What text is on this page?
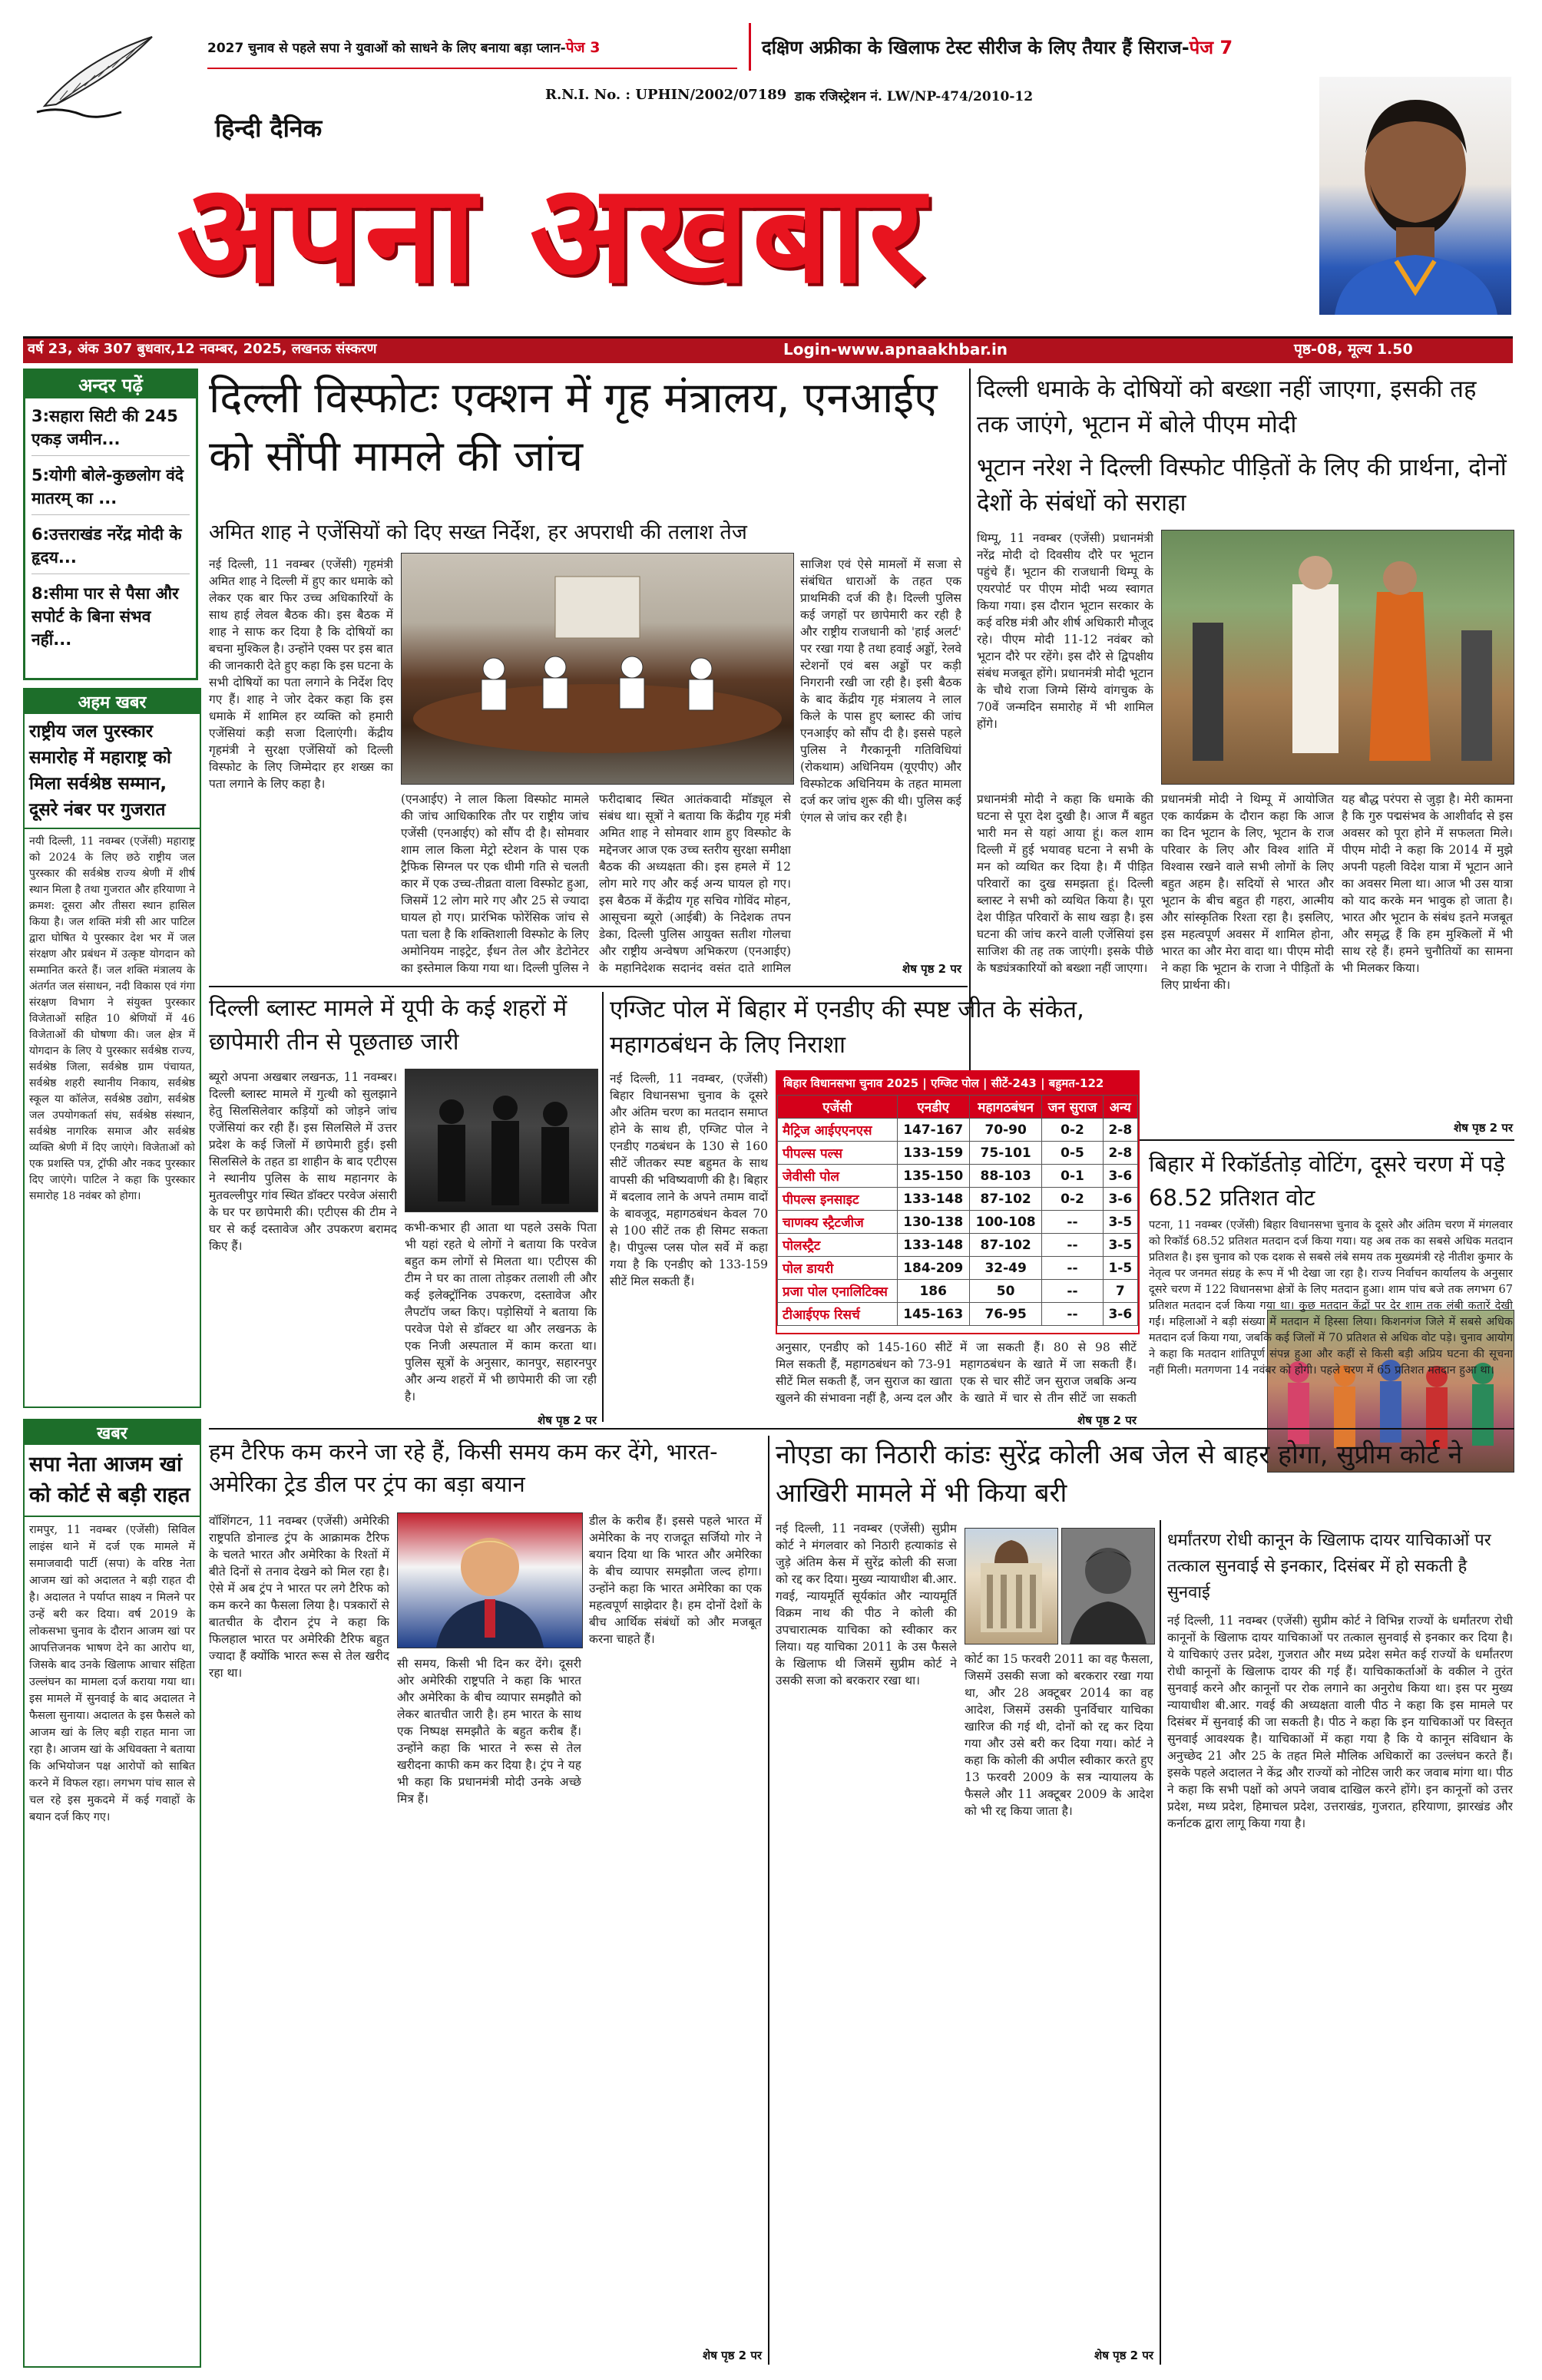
2027 चुनाव से पहले सपा ने युवाओं को साधने के लिए बनाया बड़ा प्लान-पेज 3	दक्षिण अफ्रीका के खिलाफ टेस्ट सीरीज के लिए तैयार हैं सिराज-पेज 7
R.N.I. No. : UPHIN/2002/07189 डाक रजिस्ट्रेशन नं. LW/NP-474/2010-12
हिन्दी दैनिक
अपना अखबार
वर्ष 23, अंक 307 बुधवार,12 नवम्बर, 2025, लखनऊ संस्करण	Login-www.apnaakhbar.in	पृष्ठ-08, मूल्य 1.50
अन्दर पढ़ें
3:सहारा सिटी की 245 एकड़ जमीन...
5:योगी बोले-कुछलोग वंदे मातरम् का ...
6:उत्तराखंड नरेंद्र मोदी के हृदय...
8:सीमा पार से पैसा और सपोर्ट के बिना संभव नहीं...
अहम खबर
राष्ट्रीय जल पुरस्कार समारोह में महाराष्ट्र को मिला सर्वश्रेष्ठ सम्मान, दूसरे नंबर पर गुजरात
नयी दिल्ली, 11 नवम्बर (एजेंसी) महाराष्ट्र को 2024 के लिए छठे राष्ट्रीय जल पुरस्कार की सर्वश्रेष्ठ राज्य श्रेणी में शीर्ष स्थान मिला है तथा गुजरात और हरियाणा ने क्रमश: दूसरा और तीसरा स्थान हासिल किया है। जल शक्ति मंत्री सी आर पाटिल द्वारा घोषित ये पुरस्कार देश भर में जल संरक्षण और प्रबंधन में उत्कृष्ट योगदान को सम्मानित करते हैं। जल शक्ति मंत्रालय के अंतर्गत जल संसाधन, नदी विकास एवं गंगा संरक्षण विभाग ने संयुक्त पुरस्कार विजेताओं सहित 10 श्रेणियों में 46 विजेताओं की घोषणा की। जल क्षेत्र में योगदान के लिए ये पुरस्कार सर्वश्रेष्ठ राज्य, सर्वश्रेष्ठ जिला, सर्वश्रेष्ठ ग्राम पंचायत, सर्वश्रेष्ठ शहरी स्थानीय निकाय, सर्वश्रेष्ठ स्कूल या कॉलेज, सर्वश्रेष्ठ उद्योग, सर्वश्रेष्ठ जल उपयोगकर्ता संघ, सर्वश्रेष्ठ संस्थान, सर्वश्रेष्ठ नागरिक समाज और सर्वश्रेष्ठ व्यक्ति श्रेणी में दिए जाएंगे। विजेताओं को एक प्रशस्ति पत्र, ट्रॉफी और नकद पुरस्कार दिए जाएंगे। पाटिल ने कहा कि पुरस्कार समारोह 18 नवंबर को होगा।
खबर
सपा नेता आजम खां को कोर्ट से बड़ी राहत
रामपुर, 11 नवम्बर (एजेंसी) सिविल लाइंस थाने में दर्ज एक मामले में समाजवादी पार्टी (सपा) के वरिष्ठ नेता आजम खां को अदालत ने बड़ी राहत दी है। अदालत ने पर्याप्त साक्ष्य न मिलने पर उन्हें बरी कर दिया। वर्ष 2019 के लोकसभा चुनाव के दौरान आजम खां पर आपत्तिजनक भाषण देने का आरोप था, जिसके बाद उनके खिलाफ आचार संहिता उल्लंघन का मामला दर्ज कराया गया था। इस मामले में सुनवाई के बाद अदालत ने फैसला सुनाया। अदालत के इस फैसले को आजम खां के लिए बड़ी राहत माना जा रहा है। आजम खां के अधिवक्ता ने बताया कि अभियोजन पक्ष आरोपों को साबित करने में विफल रहा। लगभग पांच साल से चल रहे इस मुकदमे में कई गवाहों के बयान दर्ज किए गए।
दिल्ली विस्फोटः एक्शन में गृह मंत्रालय, एनआईए को सौंपी मामले की जांच
अमित शाह ने एजेंसियों को दिए सख्त निर्देश, हर अपराधी की तलाश तेज
नई दिल्ली, 11 नवम्बर (एजेंसी) गृहमंत्री अमित शाह ने दिल्ली में हुए कार धमाके को लेकर एक बार फिर उच्च अधिकारियों के साथ हाई लेवल बैठक की। इस बैठक में शाह ने साफ कर दिया है कि दोषियों का बचना मुश्किल है। उन्होंने एक्स पर इस बात की जानकारी देते हुए कहा कि इस घटना के सभी दोषियों का पता लगाने के निर्देश दिए गए हैं। शाह ने जोर देकर कहा कि इस धमाके में शामिल हर व्यक्ति को हमारी एजेंसियां कड़ी सजा दिलाएंगी। केंद्रीय गृहमंत्री ने सुरक्षा एजेंसियों को दिल्ली विस्फोट के लिए जिम्मेदार हर शख्स का पता लगाने के लिए कहा है।
(एनआईए) ने लाल किला विस्फोट मामले की जांच आधिकारिक तौर पर राष्ट्रीय जांच एजेंसी (एनआईए) को सौंप दी है। सोमवार शाम लाल किला मेट्रो स्टेशन के पास एक ट्रैफिक सिग्नल पर एक धीमी गति से चलती कार में एक उच्च-तीव्रता वाला विस्फोट हुआ, जिसमें 12 लोग मारे गए और 25 से ज्यादा घायल हो गए। प्रारंभिक फोरेंसिक जांच से पता चला है कि शक्तिशाली विस्फोट के लिए अमोनियम नाइट्रेट, ईंधन तेल और डेटोनेटर का इस्तेमाल किया गया था। दिल्ली पुलिस ने
फरीदाबाद स्थित आतंकवादी मॉड्यूल से संबंध था। सूत्रों ने बताया कि केंद्रीय गृह मंत्री अमित शाह ने सोमवार शाम हुए विस्फोट के मद्देनजर आज एक उच्च स्तरीय सुरक्षा समीक्षा बैठक की अध्यक्षता की। इस हमले में 12 लोग मारे गए और कई अन्य घायल हो गए। इस बैठक में केंद्रीय गृह सचिव गोविंद मोहन, आसूचना ब्यूरो (आईबी) के निदेशक तपन डेका, दिल्ली पुलिस आयुक्त सतीश गोलचा और राष्ट्रीय अन्वेषण अभिकरण (एनआईए) के महानिदेशक सदानंद वसंत दाते शामिल
साजिश एवं ऐसे मामलों में सजा से संबंधित धाराओं के तहत एक प्राथमिकी दर्ज की है। दिल्ली पुलिस कई जगहों पर छापेमारी कर रही है और राष्ट्रीय राजधानी को 'हाई अलर्ट' पर रखा गया है तथा हवाई अड्डों, रेलवे स्टेशनों एवं बस अड्डों पर कड़ी निगरानी रखी जा रही है। इसी बैठक के बाद केंद्रीय गृह मंत्रालय ने लाल किले के पास हुए ब्लास्ट की जांच एनआईए को सौंप दी है। इससे पहले पुलिस ने गैरकानूनी गतिविधियां (रोकथाम) अधिनियम (यूएपीए) और विस्फोटक अधिनियम के तहत मामला दर्ज कर जांच शुरू की थी। पुलिस कई एंगल से जांच कर रही है।
शेष पृष्ठ 2 पर
दिल्ली धमाके के दोषियों को बख्शा नहीं जाएगा, इसकी तह तक जाएंगे, भूटान में बोले पीएम मोदी
भूटान नरेश ने दिल्ली विस्फोट पीड़ितों के लिए की प्रार्थना, दोनों देशों के संबंधों को सराहा
थिम्पू, 11 नवम्बर (एजेंसी) प्रधानमंत्री नरेंद्र मोदी दो दिवसीय दौरे पर भूटान पहुंचे हैं। भूटान की राजधानी थिम्पू के एयरपोर्ट पर पीएम मोदी भव्य स्वागत किया गया। इस दौरान भूटान सरकार के कई वरिष्ठ मंत्री और शीर्ष अधिकारी मौजूद रहे। पीएम मोदी 11-12 नवंबर को भूटान दौरे पर रहेंगे। इस दौरे से द्विपक्षीय संबंध मजबूत होंगे। प्रधानमंत्री मोदी भूटान के चौथे राजा जिग्मे सिंग्ये वांगचुक के 70वें जन्मदिन समारोह में भी शामिल होंगे।
प्रधानमंत्री मोदी ने कहा कि धमाके की घटना से पूरा देश दुखी है। आज मैं बहुत भारी मन से यहां आया हूं। कल शाम दिल्ली में हुई भयावह घटना ने सभी के मन को व्यथित कर दिया है। मैं पीड़ित परिवारों का दुख समझता हूं। दिल्ली ब्लास्ट ने सभी को व्यथित किया है। पूरा देश पीड़ित परिवारों के साथ खड़ा है। इस घटना की जांच करने वाली एजेंसियां इस साजिश की तह तक जाएंगी। इसके पीछे के षड्यंत्रकारियों को बख्शा नहीं जाएगा।
प्रधानमंत्री मोदी ने थिम्पू में आयोजित एक कार्यक्रम के दौरान कहा कि आज का दिन भूटान के लिए, भूटान के राज परिवार के लिए और विश्व शांति में विश्वास रखने वाले सभी लोगों के लिए बहुत अहम है। सदियों से भारत और भूटान के बीच बहुत ही गहरा, आत्मीय और सांस्कृतिक रिश्ता रहा है। इसलिए, इस महत्वपूर्ण अवसर में शामिल होना, भारत का और मेरा वादा था। पीएम मोदी ने कहा कि भूटान के राजा ने पीड़ितों के लिए प्रार्थना की।
यह बौद्ध परंपरा से जुड़ा है। मेरी कामना है कि गुरु पद्मसंभव के आशीर्वाद से इस अवसर को पूरा होने में सफलता मिले। पीएम मोदी ने कहा कि 2014 में मुझे अपनी पहली विदेश यात्रा में भूटान आने का अवसर मिला था। आज भी उस यात्रा को याद करके मन भावुक हो जाता है। भारत और भूटान के संबंध इतने मजबूत और समृद्ध हैं कि हम मुश्किलों में भी साथ रहे हैं। हमने चुनौतियों का सामना भी मिलकर किया।
शेष पृष्ठ 2 पर
दिल्ली ब्लास्ट मामले में यूपी के कई शहरों में छापेमारी तीन से पूछताछ जारी
ब्यूरो अपना अखबार लखनऊ, 11 नवम्बर। दिल्ली ब्लास्ट मामले में गुत्थी को सुलझाने हेतु सिलसिलेवार कड़ियों को जोड़ने जांच एजेंसियां कर रही हैं। इस सिलसिले में उत्तर प्रदेश के कई जिलों में छापेमारी हुई। इसी सिलसिले के तहत डा शाहीन के बाद एटीएस ने स्थानीय पुलिस के साथ महानगर के मुतवल्लीपुर गांव स्थित डॉक्टर परवेज अंसारी के घर पर छापेमारी की। एटीएस की टीम ने घर से कई दस्तावेज और उपकरण बरामद किए हैं।
कभी-कभार ही आता था पहले उसके पिता भी यहां रहते थे लोगों ने बताया कि परवेज बहुत कम लोगों से मिलता था। एटीएस की टीम ने घर का ताला तोड़कर तलाशी ली और कई इलेक्ट्रॉनिक उपकरण, दस्तावेज और लैपटॉप जब्त किए। पड़ोसियों ने बताया कि परवेज पेशे से डॉक्टर था और लखनऊ के एक निजी अस्पताल में काम करता था। पुलिस सूत्रों के अनुसार, कानपुर, सहारनपुर और अन्य शहरों में भी छापेमारी की जा रही है।
शेष पृष्ठ 2 पर
एग्जिट पोल में बिहार में एनडीए की स्पष्ट जीत के संकेत, महागठबंधन के लिए निराशा
बिहार विधानसभा चुनाव 2025 | एग्जिट पोल | सीटें-243 | बहुमत-122
एजेंसी	एनडीए	महागठबंधन	जन सुराज	अन्य
मैट्रिज आईएएनएस	147-167	70-90	0-2	2-8
पीपल्स पल्स	133-159	75-101	0-5	2-8
जेवीसी पोल	135-150	88-103	0-1	3-6
पीपल्स इनसाइट	133-148	87-102	0-2	3-6
चाणक्य स्ट्रैटजीज	130-138	100-108	--	3-5
पोलस्ट्रैट	133-148	87-102	--	3-5
पोल डायरी	184-209	32-49	--	1-5
प्रजा पोल एनालिटिक्स	186	50	--	7
टीआईएफ रिसर्च	145-163	76-95	--	3-6
नई दिल्ली, 11 नवम्बर, (एजेंसी) बिहार विधानसभा चुनाव के दूसरे और अंतिम चरण का मतदान समाप्त होने के साथ ही, एग्जिट पोल ने एनडीए गठबंधन के 130 से 160 सीटें जीतकर स्पष्ट बहुमत के साथ वापसी की भविष्यवाणी की है। बिहार में बदलाव लाने के अपने तमाम वादों के बावजूद, महागठबंधन केवल 70 से 100 सीटें तक ही सिमट सकता है। पीपुल्स प्लस पोल सर्वे में कहा गया है कि एनडीए को 133-159 सीटें मिल सकती हैं।
अनुसार, एनडीए को 145-160 सीटें मिल सकती हैं, महागठबंधन को 73-91 सीटें मिल सकती हैं, जन सुराज का खाता खुलने की संभावना नहीं है, अन्य दल और
में जा सकती हैं। 80 से 98 सीटें महागठबंधन के खाते में जा सकती हैं। एक से चार सीटें जन सुराज जबकि अन्य के खाते में चार से तीन सीटें जा सकती
शेष पृष्ठ 2 पर
बिहार में रिकॉर्डतोड़ वोटिंग, दूसरे चरण में पड़े 68.52 प्रतिशत वोट
पटना, 11 नवम्बर (एजेंसी) बिहार विधानसभा चुनाव के दूसरे और अंतिम चरण में मंगलवार को रिकॉर्ड 68.52 प्रतिशत मतदान दर्ज किया गया। यह अब तक का सबसे अधिक मतदान प्रतिशत है। इस चुनाव को एक दशक से सबसे लंबे समय तक मुख्यमंत्री रहे नीतीश कुमार के नेतृत्व पर जनमत संग्रह के रूप में भी देखा जा रहा है। राज्य निर्वाचन कार्यालय के अनुसार दूसरे चरण में 122 विधानसभा क्षेत्रों के लिए मतदान हुआ। शाम पांच बजे तक लगभग 67 प्रतिशत मतदान दर्ज किया गया था। कुछ मतदान केंद्रों पर देर शाम तक लंबी कतारें देखी गईं। महिलाओं ने बड़ी संख्या में मतदान में हिस्सा लिया। किशनगंज जिले में सबसे अधिक मतदान दर्ज किया गया, जबकि कई जिलों में 70 प्रतिशत से अधिक वोट पड़े। चुनाव आयोग ने कहा कि मतदान शांतिपूर्ण संपन्न हुआ और कहीं से किसी बड़ी अप्रिय घटना की सूचना नहीं मिली। मतगणना 14 नवंबर को होगी। पहले चरण में 65 प्रतिशत मतदान हुआ था।
हम टैरिफ कम करने जा रहे हैं, किसी समय कम कर देंगे, भारत-अमेरिका ट्रेड डील पर ट्रंप का बड़ा बयान
वॉशिंगटन, 11 नवम्बर (एजेंसी) अमेरिकी राष्ट्रपति डोनाल्ड ट्रंप के आक्रामक टैरिफ के चलते भारत और अमेरिका के रिश्तों में बीते दिनों से तनाव देखने को मिल रहा है। ऐसे में अब ट्रंप ने भारत पर लगे टैरिफ को कम करने का फैसला लिया है। पत्रकारों से बातचीत के दौरान ट्रंप ने कहा कि फिलहाल भारत पर अमेरिकी टैरिफ बहुत ज्यादा हैं क्योंकि भारत रूस से तेल खरीद रहा था।
सी समय, किसी भी दिन कर देंगे। दूसरी ओर अमेरिकी राष्ट्रपति ने कहा कि भारत और अमेरिका के बीच व्यापार समझौते को लेकर बातचीत जारी है। हम भारत के साथ एक निष्पक्ष समझौते के बहुत करीब हैं। उन्होंने कहा कि भारत ने रूस से तेल खरीदना काफी कम कर दिया है। ट्रंप ने यह भी कहा कि प्रधानमंत्री मोदी उनके अच्छे मित्र हैं।
डील के करीब हैं। इससे पहले भारत में अमेरिका के नए राजदूत सर्जियो गोर ने बयान दिया था कि भारत और अमेरिका के बीच व्यापार समझौता जल्द होगा। उन्होंने कहा कि भारत अमेरिका का एक महत्वपूर्ण साझेदार है। हम दोनों देशों के बीच आर्थिक संबंधों को और मजबूत करना चाहते हैं।
शेष पृष्ठ 2 पर
नोएडा का निठारी कांडः सुरेंद्र कोली अब जेल से बाहर होगा, सुप्रीम कोर्ट ने आखिरी मामले में भी किया बरी
नई दिल्ली, 11 नवम्बर (एजेंसी) सुप्रीम कोर्ट ने मंगलवार को निठारी हत्याकांड से जुड़े अंतिम केस में सुरेंद्र कोली की सजा को रद्द कर दिया। मुख्य न्यायाधीश बी.आर. गवई, न्यायमूर्ति सूर्यकांत और न्यायमूर्ति विक्रम नाथ की पीठ ने कोली की उपचारात्मक याचिका को स्वीकार कर लिया। यह याचिका 2011 के उस फैसले के खिलाफ थी जिसमें सुप्रीम कोर्ट ने उसकी सजा को बरकरार रखा था।
कोर्ट का 15 फरवरी 2011 का वह फैसला, जिसमें उसकी सजा को बरकरार रखा गया था, और 28 अक्टूबर 2014 का वह आदेश, जिसमें उसकी पुनर्विचार याचिका खारिज की गई थी, दोनों को रद्द कर दिया गया और उसे बरी कर दिया गया। कोर्ट ने कहा कि कोली की अपील स्वीकार करते हुए 13 फरवरी 2009 के सत्र न्यायालय के फैसले और 11 अक्टूबर 2009 के आदेश को भी रद्द किया जाता है।
शेष पृष्ठ 2 पर
धर्मांतरण रोधी कानून के खिलाफ दायर याचिकाओं पर तत्काल सुनवाई से इनकार, दिसंबर में हो सकती है सुनवाई
नई दिल्ली, 11 नवम्बर (एजेंसी) सुप्रीम कोर्ट ने विभिन्न राज्यों के धर्मांतरण रोधी कानूनों के खिलाफ दायर याचिकाओं पर तत्काल सुनवाई से इनकार कर दिया है। ये याचिकाएं उत्तर प्रदेश, गुजरात और मध्य प्रदेश समेत कई राज्यों के धर्मांतरण रोधी कानूनों के खिलाफ दायर की गई हैं। याचिकाकर्ताओं के वकील ने तुरंत सुनवाई करने और कानूनों पर रोक लगाने का अनुरोध किया था। इस पर मुख्य न्यायाधीश बी.आर. गवई की अध्यक्षता वाली पीठ ने कहा कि इस मामले पर दिसंबर में सुनवाई की जा सकती है। पीठ ने कहा कि इन याचिकाओं पर विस्तृत सुनवाई आवश्यक है। याचिकाओं में कहा गया है कि ये कानून संविधान के अनुच्छेद 21 और 25 के तहत मिले मौलिक अधिकारों का उल्लंघन करते हैं। इसके पहले अदालत ने केंद्र और राज्यों को नोटिस जारी कर जवाब मांगा था। पीठ ने कहा कि सभी पक्षों को अपने जवाब दाखिल करने होंगे। इन कानूनों को उत्तर प्रदेश, मध्य प्रदेश, हिमाचल प्रदेश, उत्तराखंड, गुजरात, हरियाणा, झारखंड और कर्नाटक द्वारा लागू किया गया है।
